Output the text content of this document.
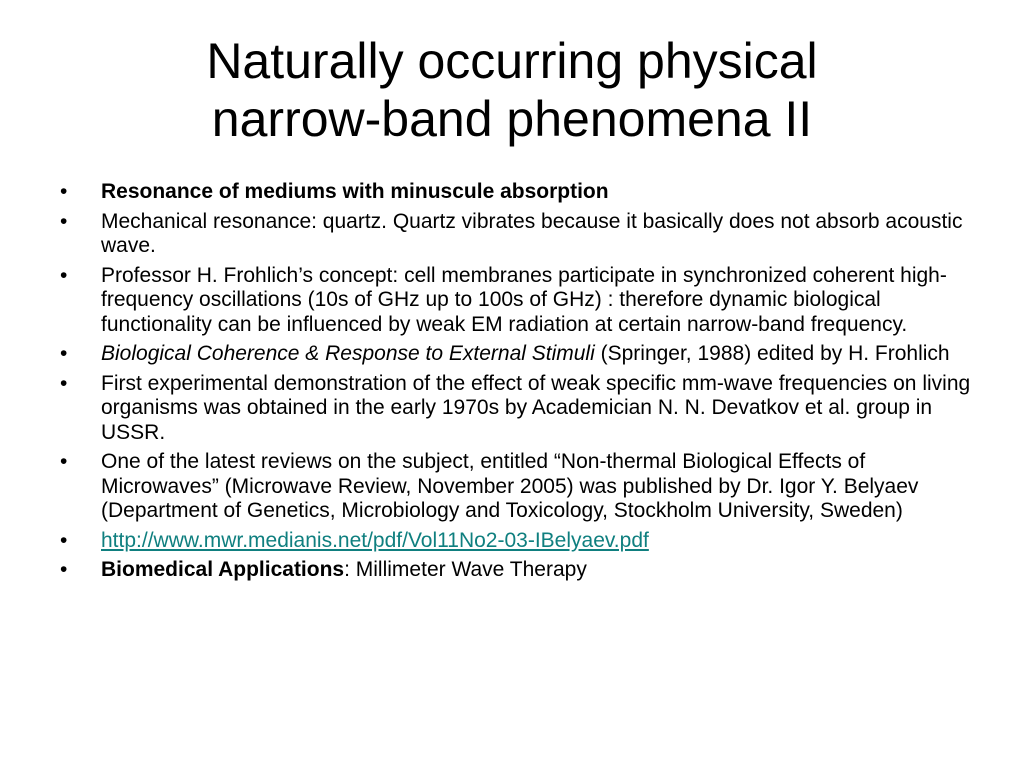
Naturally occurring physical
narrow-band phenomena II
• Resonance of mediums with minuscule absorption
• Mechanical resonance: quartz. Quartz vibrates because it basically does not absorb acoustic wave.
• Professor H. Frohlich’s concept: cell membranes participate in synchronized coherent high-frequency oscillations (10s of GHz up to 100s of GHz) : therefore dynamic biological functionality can be influenced by weak EM radiation at certain narrow-band frequency.
• Biological Coherence & Response to External Stimuli (Springer, 1988) edited by H. Frohlich
• First experimental demonstration of the effect of weak specific mm-wave frequencies on living organisms was obtained in the early 1970s by Academician N. N. Devatkov et al. group in USSR.
• One of the latest reviews on the subject, entitled “Non-thermal Biological Effects of Microwaves” (Microwave Review, November 2005) was published by Dr. Igor Y. Belyaev (Department of Genetics, Microbiology and Toxicology, Stockholm University, Sweden)
• http://www.mwr.medianis.net/pdf/Vol11No2-03-IBelyaev.pdf
• Biomedical Applications: Millimeter Wave Therapy
